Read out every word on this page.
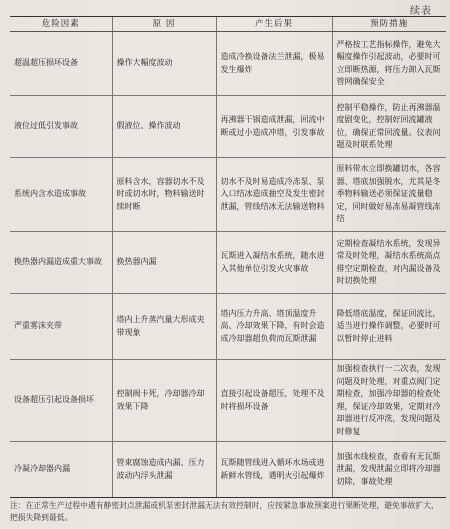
续表
危险因素	原 因	产生后果	预防措施
超温超压损坏设备	操作大幅度波动	造成冷换设备法兰泄漏，极易发生爆炸	严格按工艺指标操作，避免大幅度操作引起波动，必要时可立即断热源，将压力卸入瓦斯管网确保安全
液位过低引发事故	假液位、操作波动	再沸器干锅造成泄漏，回流中断或过小造成冲塔，引发事故	控制平稳操作，防止再沸器温度剧变化，控制好回流罐液位，确保正常回流量。仪表问题及时联系处理
系统内含水造成事故	原料含水，容器切水不及时或切水时，物料输送时续时断	切水不及时易造成冷冻泵、泵入口结冰造成抽空及发生密封泄漏，管线结冰无法输送物料	原料带水立即换罐切水，各容器、塔底加强脱水，尤其是冬季物料输送必须保证流量稳定，同时做好易冻易凝管线冻结
换热器内漏造成重大事故	换热器内漏	瓦斯进入凝结水系统，随水进入其他单位引发火灾事故	定期检查凝结水系统，发现异常及时处理，凝结水系统高点排空定期检查，对内漏设备及时切换处理
严重雾沫夹带	塔内上升蒸汽量大形成夹带现象	塔内压力升高、塔顶温度升高、冷却效果下降，有时会造成冷却器超负荷而瓦斯泄漏	降低塔底温度，保证回流比，适当进行操作调整，必要时可以暂时停止进料
设备超压引起设备损坏	控制阀卡死，冷却器冷却效果下降	直接引起设备超压，处理不及时将损坏设备	加强检查执行一二次表，发现问题及时处理，对重点阀门定期检查，加强冷却器的检查处理，保证冷却效果，定期对冷却器进行反冲洗，发现问题及时修复
冷凝冷却器内漏	管束腐蚀造成内漏、压力波动内浮头泄漏	瓦斯随管线进入循环水场或进新鲜水管线，遇明火引起爆炸	加强水线检查，查看有无瓦斯泄漏，发现泄漏立即将冷却器切除，事故处理
注：在正常生产过程中遇有静密封点泄漏或机泵密封泄漏无法有效控制时，应按紧急事故预案进行果断处理，避免事故扩大，把损失降到最低。
